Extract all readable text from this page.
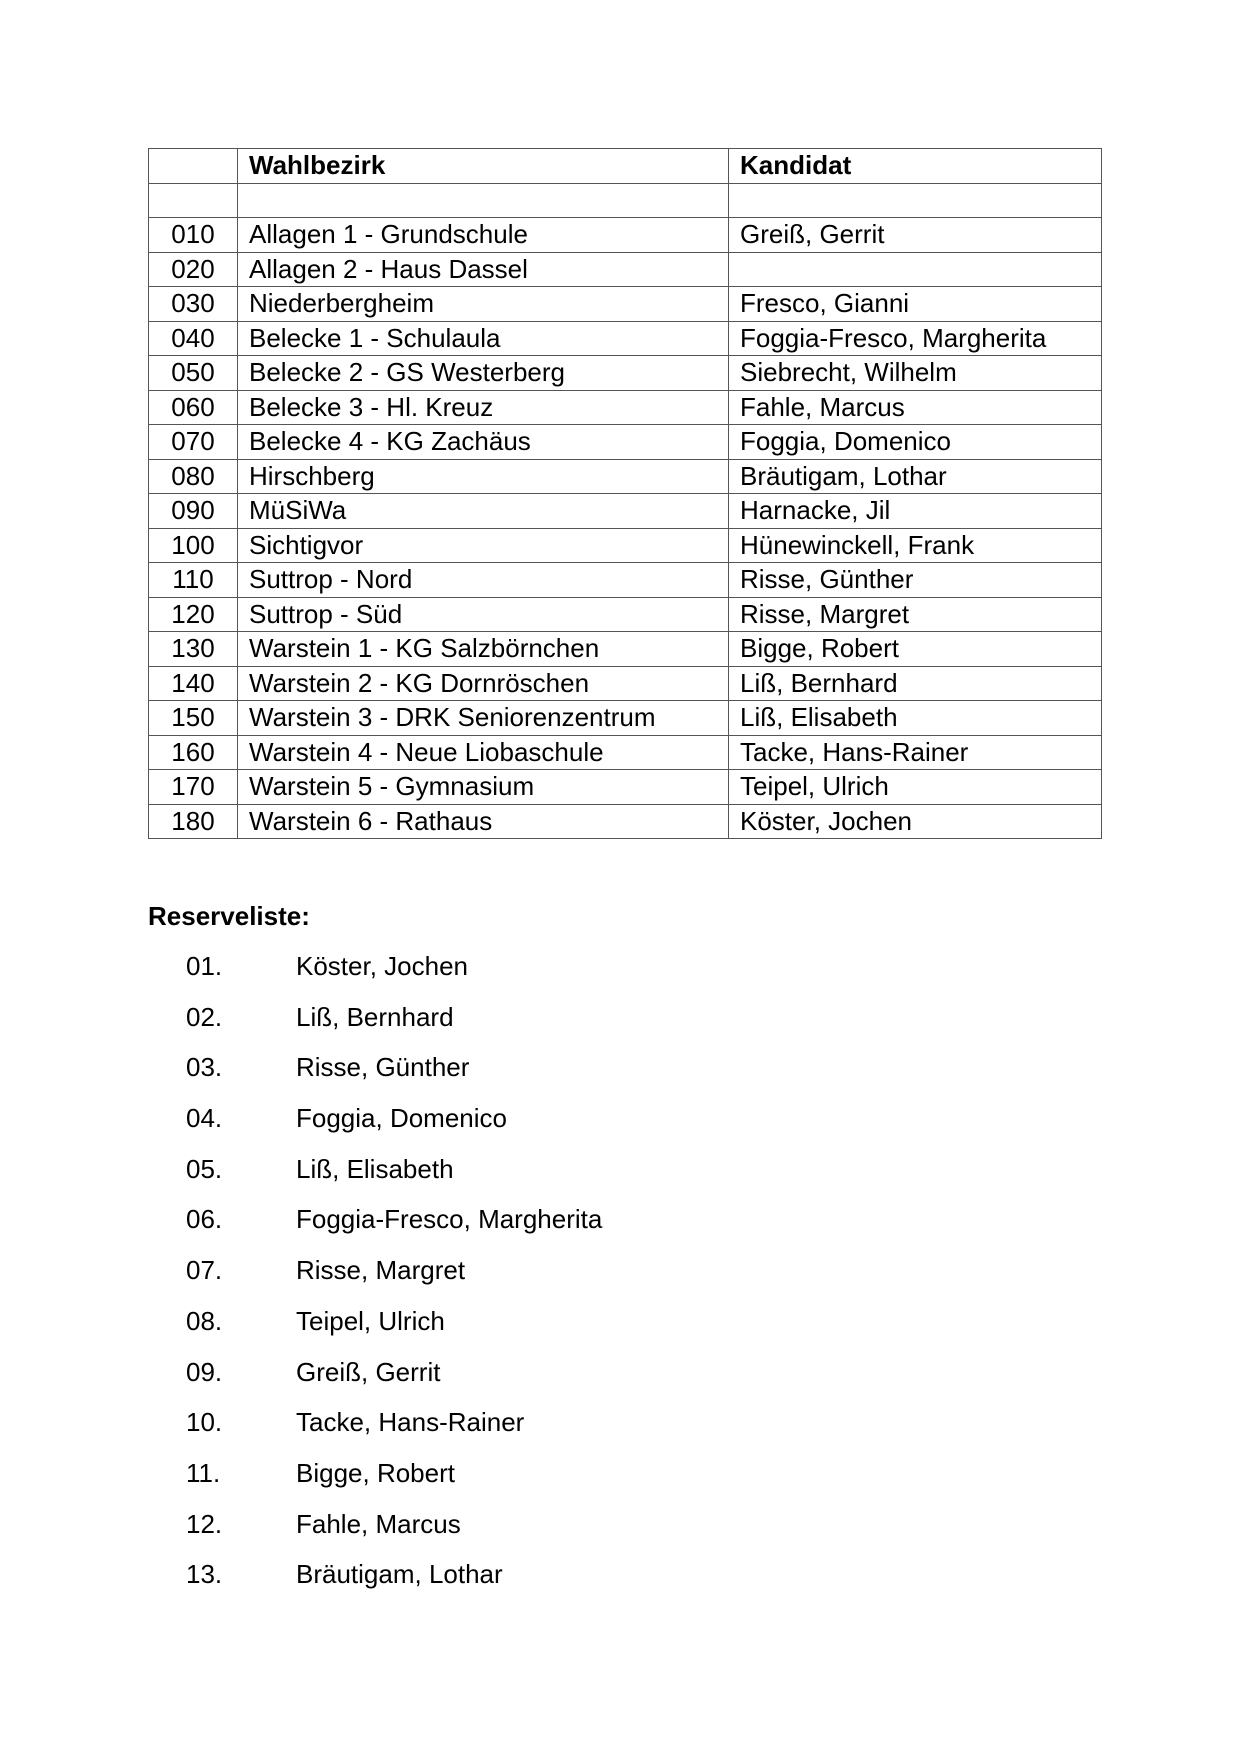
	Wahlbezirk	Kandidat

010	Allagen 1 - Grundschule	Greiß, Gerrit
020	Allagen 2 - Haus Dassel	
030	Niederbergheim	Fresco, Gianni
040	Belecke 1 - Schulaula	Foggia-Fresco, Margherita
050	Belecke 2 - GS Westerberg	Siebrecht, Wilhelm
060	Belecke 3 - Hl. Kreuz	Fahle, Marcus
070	Belecke 4 - KG Zachäus	Foggia, Domenico
080	Hirschberg	Bräutigam, Lothar
090	MüSiWa	Harnacke, Jil
100	Sichtigvor	Hünewinckell, Frank
110	Suttrop - Nord	Risse, Günther
120	Suttrop - Süd	Risse, Margret
130	Warstein 1 - KG Salzbörnchen	Bigge, Robert
140	Warstein 2 - KG Dornröschen	Liß, Bernhard
150	Warstein 3 - DRK Seniorenzentrum	Liß, Elisabeth
160	Warstein 4 - Neue Liobaschule	Tacke, Hans-Rainer
170	Warstein 5 - Gymnasium	Teipel, Ulrich
180	Warstein 6 - Rathaus	Köster, Jochen
Reserveliste:
01.	Köster, Jochen
02.	Liß, Bernhard
03.	Risse, Günther
04.	Foggia, Domenico
05.	Liß, Elisabeth
06.	Foggia-Fresco, Margherita
07.	Risse, Margret
08.	Teipel, Ulrich
09.	Greiß, Gerrit
10.	Tacke, Hans-Rainer
11.	Bigge, Robert
12.	Fahle, Marcus
13.	Bräutigam, Lothar
